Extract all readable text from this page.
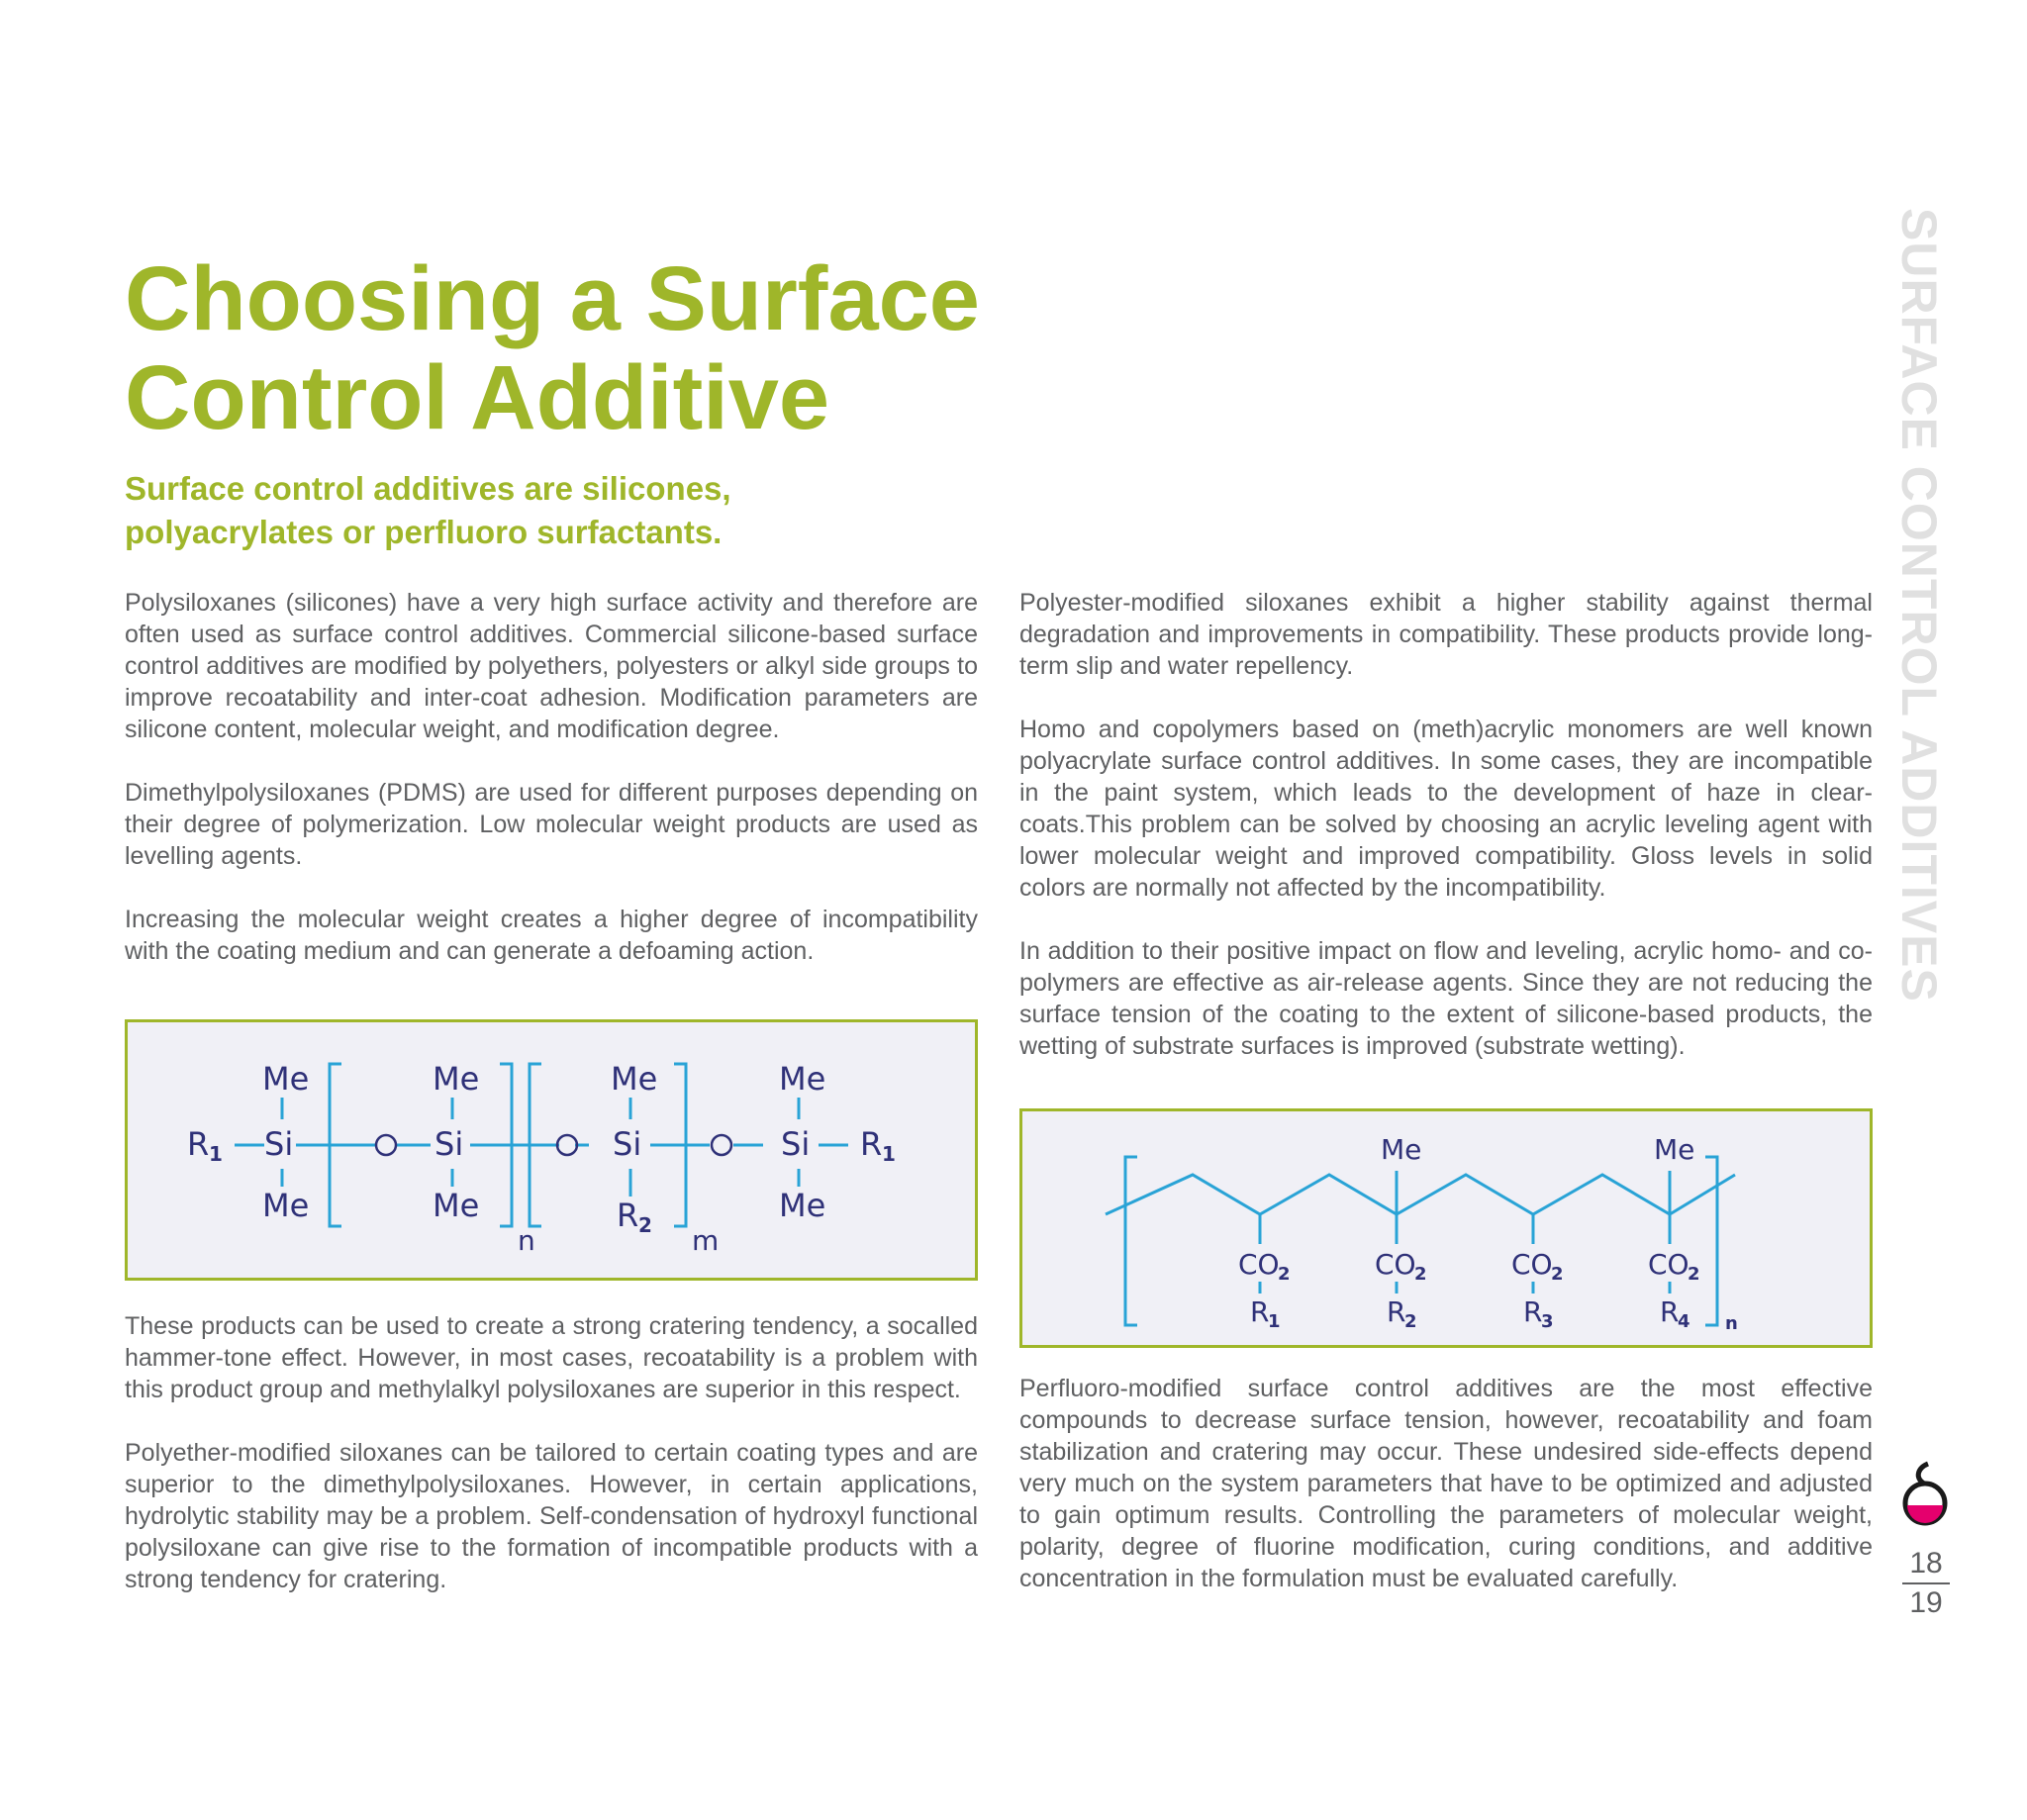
Choosing a Surface Control Additive
Surface control additives are silicones, polyacrylates or perfluoro surfactants.

Polysiloxanes (silicones) have a very high surface activity and therefore are often used as surface control additives. Commercial silicone-based surface control additives are modified by polyethers, polyesters or alkyl side groups to improve recoatability and inter-coat adhesion. Modification parameters are silicone content, molecular weight, and modification degree.

Dimethylpolysiloxanes (PDMS) are used for different purposes depending on their degree of polymerization. Low molecular weight products are used as levelling agents.

Increasing the molecular weight creates a higher degree of incompatibility with the coating medium and can generate a defoaming action.

Me
Si
Me
R 1
Me
Si
Me
n
Me
Si
R 2 m
Me
Si
Me
R 1

These products can be used to create a strong cratering tendency, a socalled hammer-tone effect. However, in most cases, recoatability is a problem with this product group and methylalkyl polysiloxanes are superior in this respect.

Polyether-modified siloxanes can be tailored to certain coating types and are superior to the dimethylpolysiloxanes. However, in certain applications, hydrolytic stability may be a problem. Self-condensation of hydroxyl functional polysiloxane can give rise to the formation of incompatible products with a strong tendency for cratering.

Polyester-modified siloxanes exhibit a higher stability against thermal degradation and improvements in compatibility. These products provide long-term slip and water repellency.

Homo and copolymers based on (meth)acrylic monomers are well known polyacrylate surface control additives. In some cases, they are incompatible in the paint system, which leads to the development of haze in clear-coats.This problem can be solved by choosing an acrylic leveling agent with lower molecular weight and improved compatibility. Gloss levels in solid colors are normally not affected by the incompatibility.

In addition to their positive impact on flow and leveling, acrylic homo- and co-polymers are effective as air-release agents. Since they are not reducing the surface tension of the coating to the extent of silicone-based products, the wetting of substrate surfaces is improved (substrate wetting).

Me	Me
CO
2	CO
2	CO
2	CO
2
R
1	R
2	R
3	R
4 n

Perfluoro-modified surface control additives are the most effective compounds to decrease surface tension, however, recoatability and foam stabilization and cratering may occur. These undesired side-effects depend very much on the system parameters that have to be optimized and adjusted to gain optimum results. Controlling the parameters of molecular weight, polarity, degree of fluorine modification, curing conditions, and additive concentration in the formulation must be evaluated carefully.

SURFACE CONTROL ADDITIVES
18
19
